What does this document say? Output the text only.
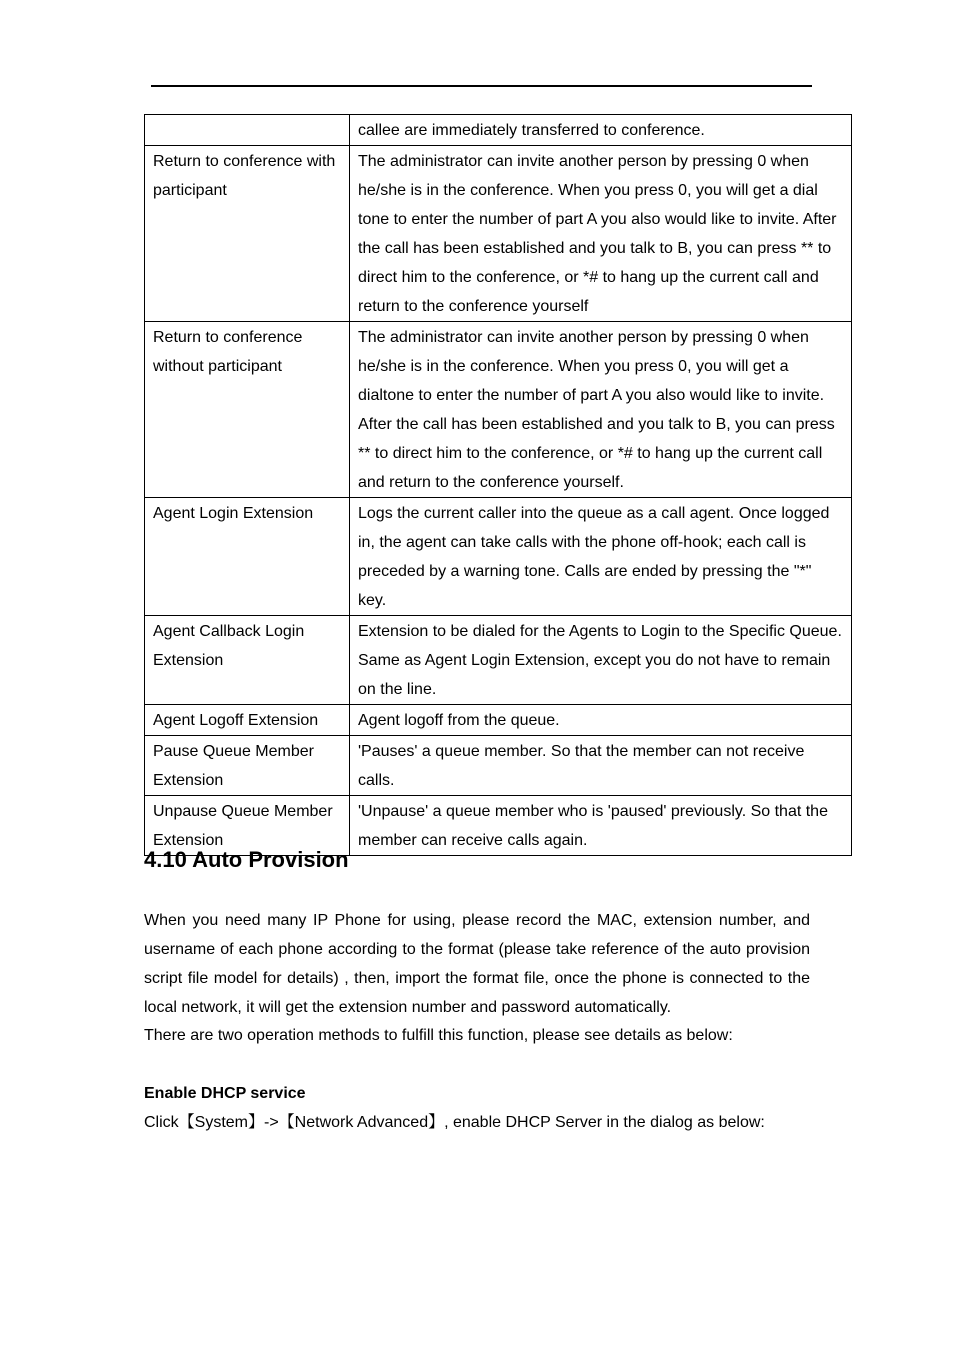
	callee are immediately transferred to conference.
Return to conference with participant	The administrator can invite another person by pressing 0 when he/she is in the conference. When you press 0, you will get a dial tone to enter the number of part A you also would like to invite. After the call has been established and you talk to B, you can press ** to direct him to the conference, or *# to hang up the current call and return to the conference yourself
Return to conference without participant	The administrator can invite another person by pressing 0 when he/she is in the conference. When you press 0, you will get a dialtone to enter the number of part A you also would like to invite. After the call has been established and you talk to B, you can press ** to direct him to the conference, or *# to hang up the current call and return to the conference yourself.
Agent Login Extension	Logs the current caller into the queue as a call agent. Once logged in, the agent can take calls with the phone off-hook; each call is preceded by a warning tone. Calls are ended by pressing the "*" key.
Agent Callback Login Extension	Extension to be dialed for the Agents to Login to the Specific Queue. Same as Agent Login Extension, except you do not have to remain on the line.
Agent Logoff Extension	Agent logoff from the queue.
Pause Queue Member Extension	'Pauses' a queue member. So that the member can not receive calls.
Unpause Queue Member Extension	'Unpause' a queue member who is 'paused' previously. So that the member can receive calls again.
4.10 Auto Provision

When you need many IP Phone for using, please record the MAC, extension number, and username of each phone according to the format (please take reference of the auto provision script file model for details) , then, import the format file, once the phone is connected to the local network, it will get the extension number and password automatically.

There are two operation methods to fulfill this function, please see details as below:

Enable DHCP service

Click【System】->【Network Advanced】, enable DHCP Server in the dialog as below:
